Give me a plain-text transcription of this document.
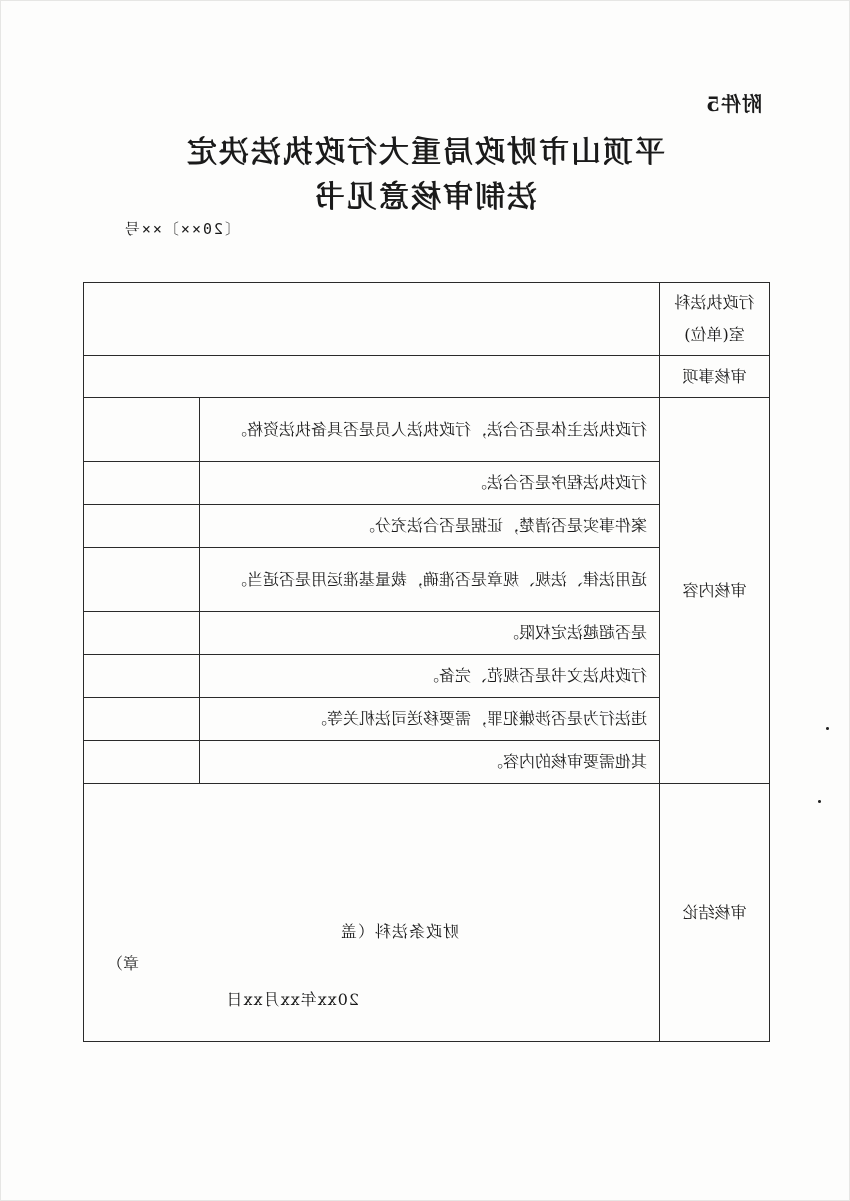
附件5
平顶山市财政局重大行政执法决定
法制审核意见书
〔20××〕××号
行政执法科室(单位)		
审核事项		
审核内容	行政执法主体是否合法，行政执法人员是否具备执法资格。	
	行政执法程序是否合法。	
	案件事实是否清楚，证据是否合法充分。	
	适用法律、法规、规章是否准确，裁量基准运用是否适当。	
	是否超越法定权限。	
	行政执法文书是否规范、完备。	
	违法行为是否涉嫌犯罪，需要移送司法机关等。	
	其他需要审核的内容。	
审核结论	财政条法科（盖
章）
20xx年xx月xx日	
